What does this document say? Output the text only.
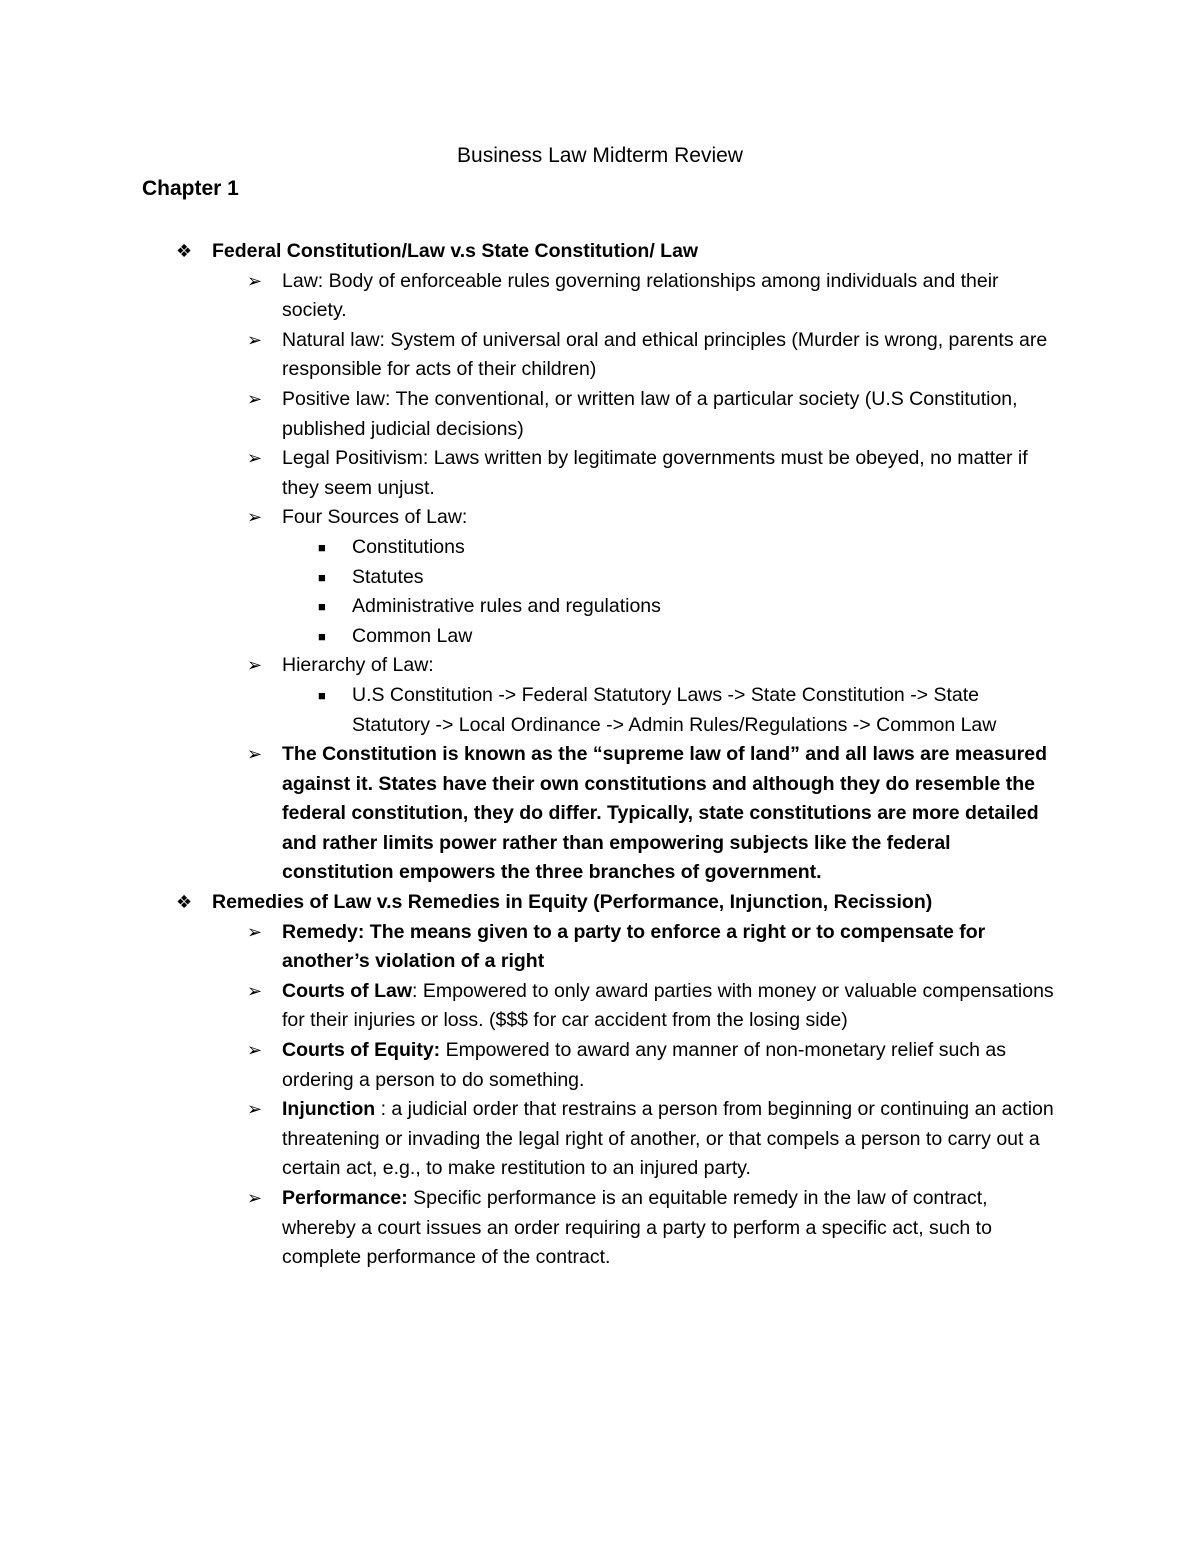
Business Law Midterm Review
Chapter 1
❖ Federal Constitution/Law v.s State Constitution/ Law
➢ Law: Body of enforceable rules governing relationships among individuals and their society.
➢ Natural law: System of universal oral and ethical principles (Murder is wrong, parents are responsible for acts of their children)
➢ Positive law: The conventional, or written law of a particular society (U.S Constitution, published judicial decisions)
➢ Legal Positivism: Laws written by legitimate governments must be obeyed, no matter if they seem unjust.
➢ Four Sources of Law:
■ Constitutions
■ Statutes
■ Administrative rules and regulations
■ Common Law
➢ Hierarchy of Law:
■ U.S Constitution -> Federal Statutory Laws -> State Constitution -> State Statutory -> Local Ordinance -> Admin Rules/Regulations -> Common Law
➢ The Constitution is known as the “supreme law of land” and all laws are measured against it. States have their own constitutions and although they do resemble the federal constitution, they do differ. Typically, state constitutions are more detailed and rather limits power rather than empowering subjects like the federal constitution empowers the three branches of government.
❖ Remedies of Law v.s Remedies in Equity (Performance, Injunction, Recission)
➢ Remedy: The means given to a party to enforce a right or to compensate for another’s violation of a right
➢ Courts of Law: Empowered to only award parties with money or valuable compensations for their injuries or loss. ($$$ for car accident from the losing side)
➢ Courts of Equity: Empowered to award any manner of non-monetary relief such as ordering a person to do something.
➢ Injunction : a judicial order that restrains a person from beginning or continuing an action threatening or invading the legal right of another, or that compels a person to carry out a certain act, e.g., to make restitution to an injured party.
➢ Performance: Specific performance is an equitable remedy in the law of contract, whereby a court issues an order requiring a party to perform a specific act, such to complete performance of the contract.
